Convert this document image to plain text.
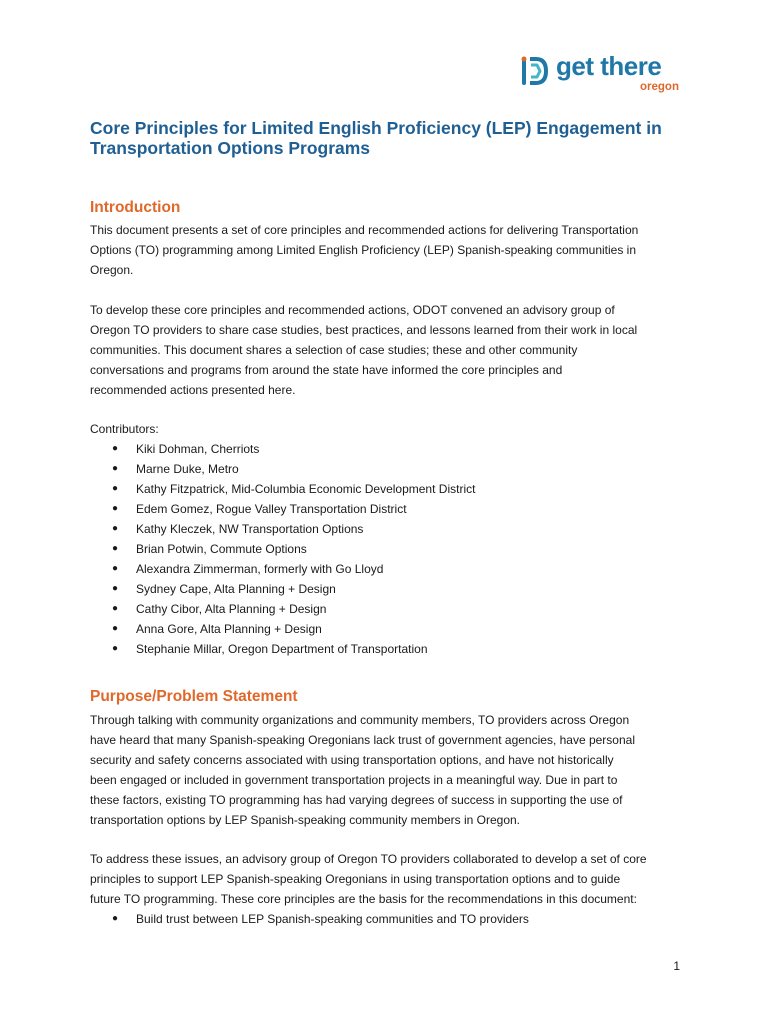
get there
oregon
Core Principles for Limited English Proficiency (LEP) Engagement in
Transportation Options Programs
Introduction

This document presents a set of core principles and recommended actions for delivering Transportation
Options (TO) programming among Limited English Proficiency (LEP) Spanish-speaking communities in
Oregon.

To develop these core principles and recommended actions, ODOT convened an advisory group of
Oregon TO providers to share case studies, best practices, and lessons learned from their work in local
communities. This document shares a selection of case studies; these and other community
conversations and programs from around the state have informed the core principles and
recommended actions presented here.

Contributors:

● Kiki Dohman, Cherriots
● Marne Duke, Metro
● Kathy Fitzpatrick, Mid-Columbia Economic Development District
● Edem Gomez, Rogue Valley Transportation District
● Kathy Kleczek, NW Transportation Options
● Brian Potwin, Commute Options
● Alexandra Zimmerman, formerly with Go Lloyd
● Sydney Cape, Alta Planning + Design
● Cathy Cibor, Alta Planning + Design
● Anna Gore, Alta Planning + Design
● Stephanie Millar, Oregon Department of Transportation
Purpose/Problem Statement

Through talking with community organizations and community members, TO providers across Oregon
have heard that many Spanish-speaking Oregonians lack trust of government agencies, have personal
security and safety concerns associated with using transportation options, and have not historically
been engaged or included in government transportation projects in a meaningful way. Due in part to
these factors, existing TO programming has had varying degrees of success in supporting the use of
transportation options by LEP Spanish-speaking community members in Oregon.

To address these issues, an advisory group of Oregon TO providers collaborated to develop a set of core
principles to support LEP Spanish-speaking Oregonians in using transportation options and to guide
future TO programming. These core principles are the basis for the recommendations in this document:

● Build trust between LEP Spanish-speaking communities and TO providers
1
